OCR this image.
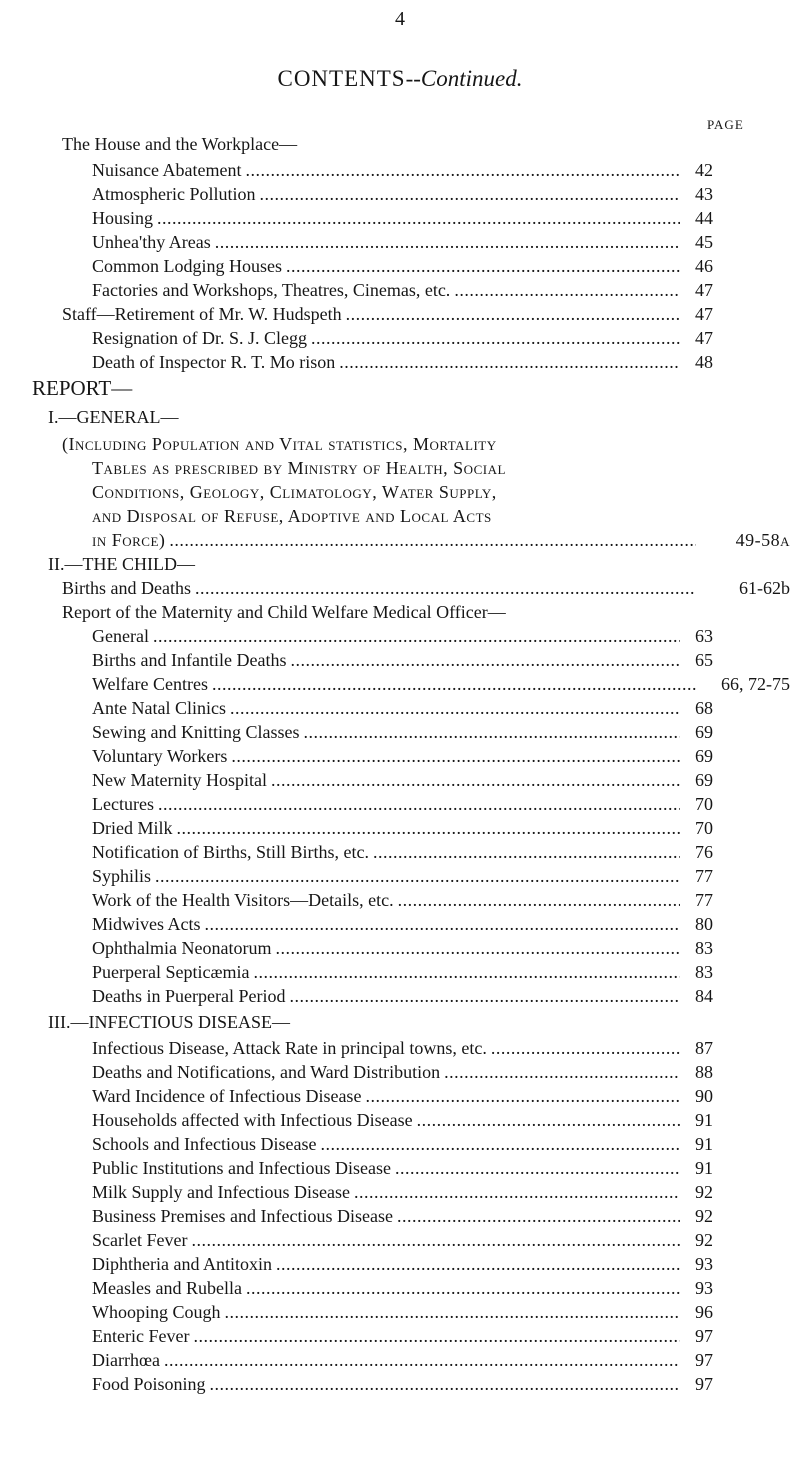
4
CONTENTS--Continued.
PAGE
The House and the Workplace—
Nuisance Abatement . . .	42
Atmospheric Pollution . . .	43
Housing . . .	44
Unhea'thy Areas . . .	45
Common Lodging Houses . . .	46
Factories and Workshops, Theatres, Cinemas, etc. . . .	47
Staff—Retirement of Mr. W. Hudspeth . . .	47
Resignation of Dr. S. J. Clegg . . .	47
Death of Inspector R. T. Mo rison . . .	48
REPORT—
I.—GENERAL—
(Including Population and Vital statistics, Mortality
Tables as prescribed by Ministry of Health, Social
Conditions, Geology, Climatology, Water Supply,
and Disposal of Refuse, Adoptive and Local Acts
in Force) . . .	49-58a
II.—THE CHILD—
Births and Deaths . . .	61-62b
Report of the Maternity and Child Welfare Medical Officer—
General . . .	63
Births and Infantile Deaths . . .	65
Welfare Centres . . .	66, 72-75
Ante Natal Clinics . . .	68
Sewing and Knitting Classes . . .	69
Voluntary Workers . . .	69
New Maternity Hospital . . .	69
Lectures . . .	70
Dried Milk . . .	70
Notification of Births, Still Births, etc. . . .	76
Syphilis . . .	77
Work of the Health Visitors—Details, etc. . . .	77
Midwives Acts . . .	80
Ophthalmia Neonatorum . . .	83
Puerperal Septicæmia . . .	83
Deaths in Puerperal Period . . .	84
III.—INFECTIOUS DISEASE—
Infectious Disease, Attack Rate in principal towns, etc. . . .	87
Deaths and Notifications, and Ward Distribution . . .	88
Ward Incidence of Infectious Disease . . .	90
Households affected with Infectious Disease . . .	91
Schools and Infectious Disease . . .	91
Public Institutions and Infectious Disease . . .	91
Milk Supply and Infectious Disease . . .	92
Business Premises and Infectious Disease . . .	92
Scarlet Fever . . .	92
Diphtheria and Antitoxin . . .	93
Measles and Rubella . . .	93
Whooping Cough . . .	96
Enteric Fever . . .	97
Diarrhœa . . .	97
Food Poisoning . . .	97
